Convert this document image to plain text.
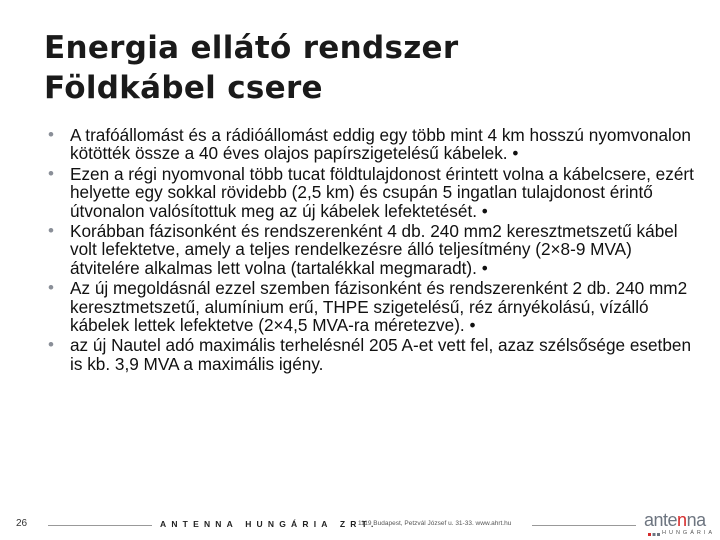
Energia ellátó rendszer
Földkábel csere
• A trafóállomást és a rádióállomást eddig egy több mint 4 km hosszú nyomvonalon kötötték össze a 40 éves olajos papírszigetelésű kábelek. •
• Ezen a régi nyomvonal több tucat földtulajdonost érintett volna a kábelcsere, ezért helyette egy sokkal rövidebb (2,5 km) és csupán 5 ingatlan tulajdonost érintő útvonalon valósítottuk meg az új kábelek lefektetését. •
• Korábban fázisonként és rendszerenként 4 db. 240 mm2 keresztmetszetű kábel volt lefektetve, amely a teljes rendelkezésre álló teljesítmény (2×8-9 MVA) átvitelére alkalmas lett volna (tartalékkal megmaradt). •
• Az új megoldásnál ezzel szemben fázisonként és rendszerenként 2 db. 240 mm2 keresztmetszetű, alumínium erű, THPE szigetelésű, réz árnyékolású, vízálló kábelek lettek lefektetve (2×4,5 MVA-ra méretezve). •
• az új Nautel adó maximális terhelésnél 205 A-et vett fel, azaz szélsősége esetben is kb. 3,9 MVA a maximális igény.
26	ANTENNA HUNGÁRIA ZRT.
1119 Budapest, Petzvál József u. 31-33. www.ahrt.hu	antenna
HUNGÁRIA
